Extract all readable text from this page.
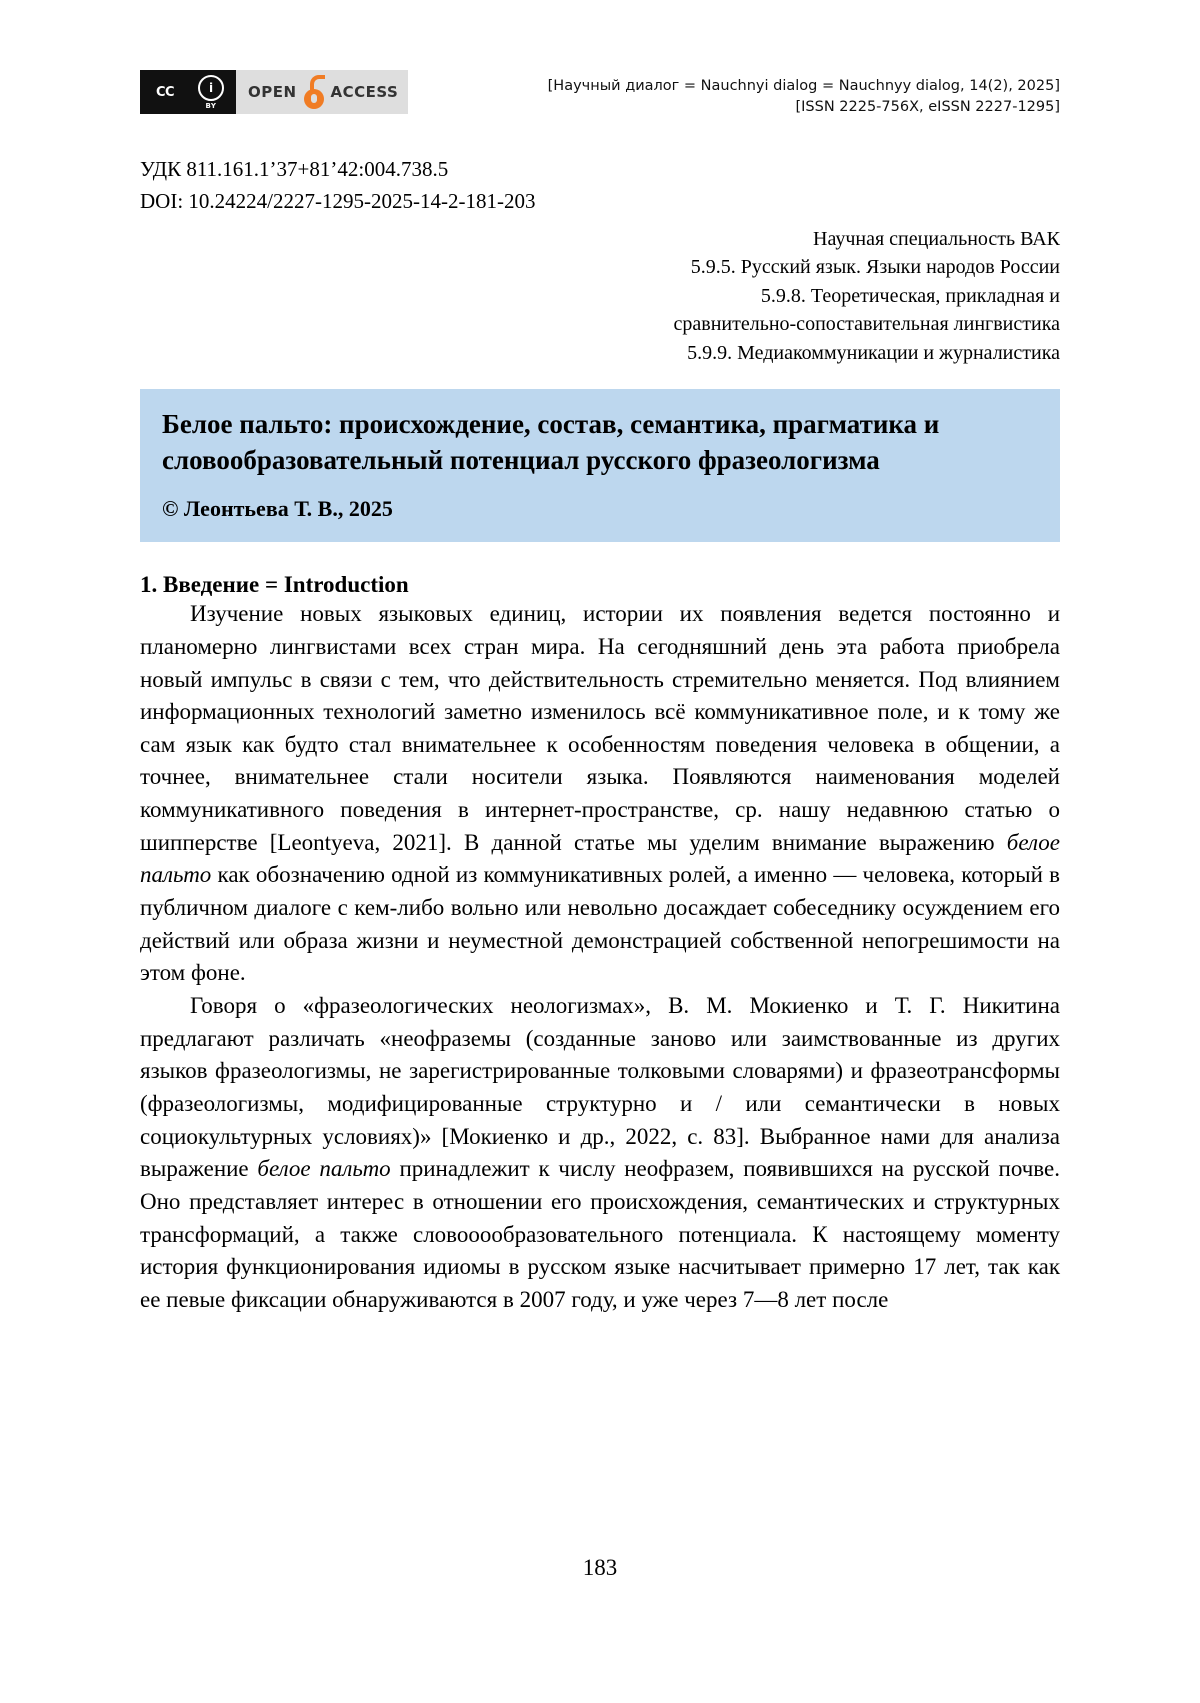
CC	i
BY
OPEN ACCESS	[Научный диалог = Nauchnyi dialog = Nauchnyy dialog, 14(2), 2025]
[ISSN 2225-756X, eISSN 2227-1295]
УДК 811.161.1’37+81’42:004.738.5
DOI: 10.24224/2227-1295-2025-14-2-181-203
Научная специальность ВАК
5.9.5. Русский язык. Языки народов России
5.9.8. Теоретическая, прикладная и
сравнительно-сопоставительная лингвистика
5.9.9. Медиакоммуникации и журналистика
Белое пальто: происхождение, состав, семантика, прагматика и словообразовательный потенциал русского фразеологизма
© Леонтьева Т. В., 2025
1. Введение = Introduction

Изучение новых языковых единиц, истории их появления ведется постоянно и планомерно лингвистами всех стран мира. На сегодняшний день эта работа приобрела новый импульс в связи с тем, что действительность стремительно меняется. Под влиянием информационных технологий заметно изменилось всё коммуникативное поле, и к тому же сам язык как будто стал внимательнее к особенностям поведения человека в общении, а точнее, внимательнее стали носители языка. Появляются наименования моделей коммуникативного поведения в интернет-пространстве, ср. нашу недавнюю статью о шипперстве [Leontyeva, 2021]. В данной статье мы уделим внимание выражению белое пальто как обозначению одной из коммуникативных ролей, а именно — человека, который в публичном диалоге с кем-либо вольно или невольно досаждает собеседнику осуждением его действий или образа жизни и неуместной демонстрацией собственной непогрешимости на этом фоне.

Говоря о «фразеологических неологизмах», В. М. Мокиенко и Т. Г. Никитина предлагают различать «неофраземы (созданные заново или заимствованные из других языков фразеологизмы, не зарегистрированные толковыми словарями) и фразеотрансформы (фразеологизмы, модифицированные структурно и / или семантически в новых социокультурных условиях)» [Мокиенко и др., 2022, с. 83]. Выбранное нами для анализа выражение белое пальто принадлежит к числу неофразем, появившихся на русской почве. Оно представляет интерес в отношении его происхождения, семантических и структурных трансформаций, а также словооообразовательного потенциала. К настоящему моменту история функционирования идиомы в русском языке насчитывает примерно 17 лет, так как ее певые фиксации обнаруживаются в 2007 году, и уже через 7—8 лет после

183
